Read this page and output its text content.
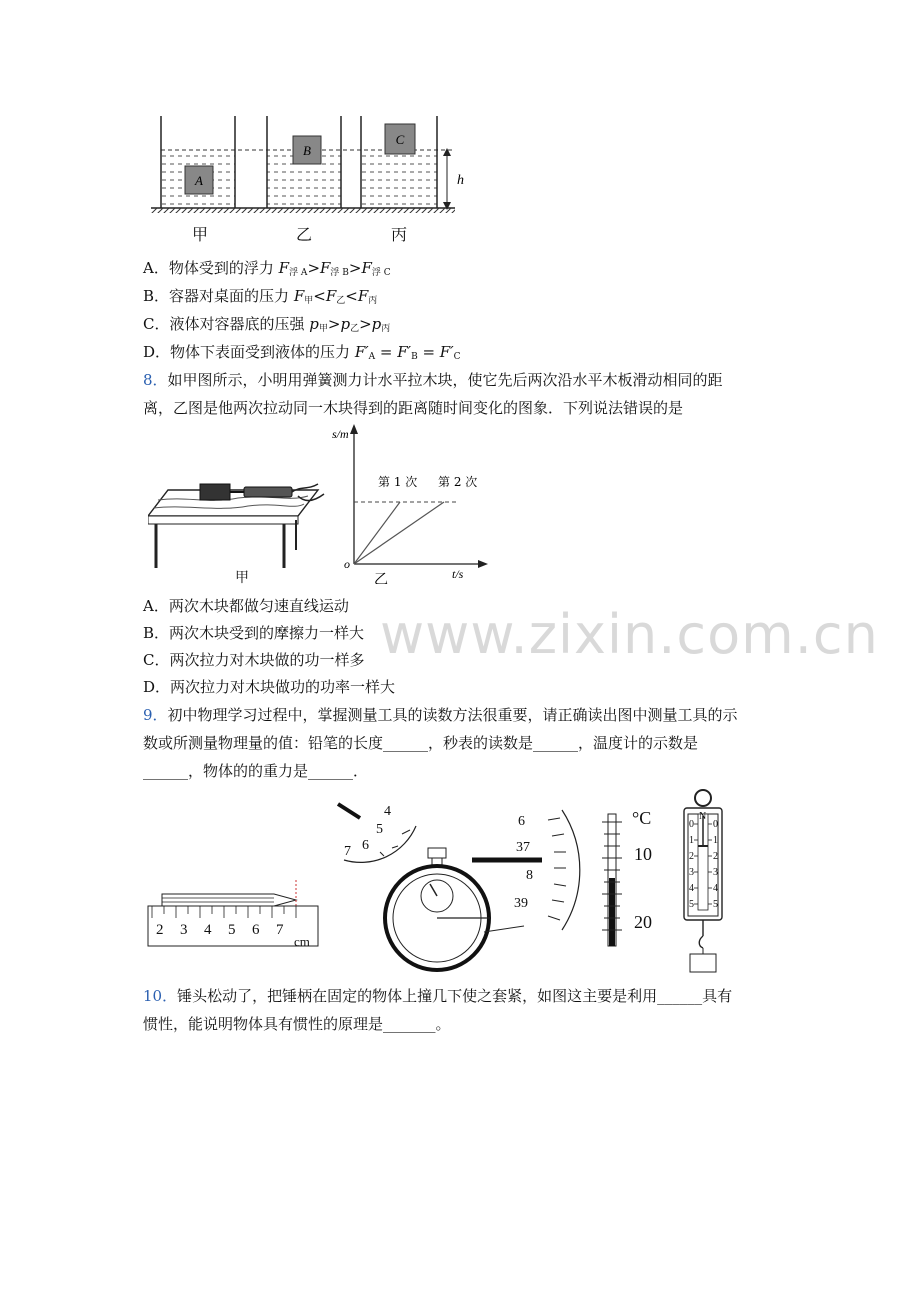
A
B
C
h
甲	乙	丙
A．物体受到的浮力 $F_{浮 A}>F_{浮 B}>F_{浮 C}$
B．容器对桌面的压力 $F_甲<F_乙<F_丙$
C．液体对容器底的压强 $p_甲>p_乙>p_丙$
D．物体下表面受到液体的压力 $F'_A = F'_B = F'_C$
8．如甲图所示，小明用弹簧测力计水平拉木块，使它先后两次沿水平木板滑动相同的距
离，乙图是他两次拉动同一木块得到的距离随时间变化的图象．下列说法错误的是
甲
s/m
t/s
o
第 1 次 第 2 次
乙
A．两次木块都做匀速直线运动
B．两次木块受到的摩擦力一样大
C．两次拉力对木块做的功一样多
D．两次拉力对木块做功的功率一样大
www.zixin.com.cn
9．初中物理学习过程中，掌握测量工具的读数方法很重要，请正确读出图中测量工具的示
数或所测量物理量的值：铅笔的长度______，秒表的读数是______，温度计的示数是
______，物体的的重力是______．
2 3 4 5 6 7
cm
4
5
6
7
6
37
8
39
°C
10
20
N
0
1
2
3
4
5
0
1
2
3
4
5
10．锤头松动了，把锤柄在固定的物体上撞几下使之套紧，如图这主要是利用______具有
惯性，能说明物体具有惯性的原理是_______。
